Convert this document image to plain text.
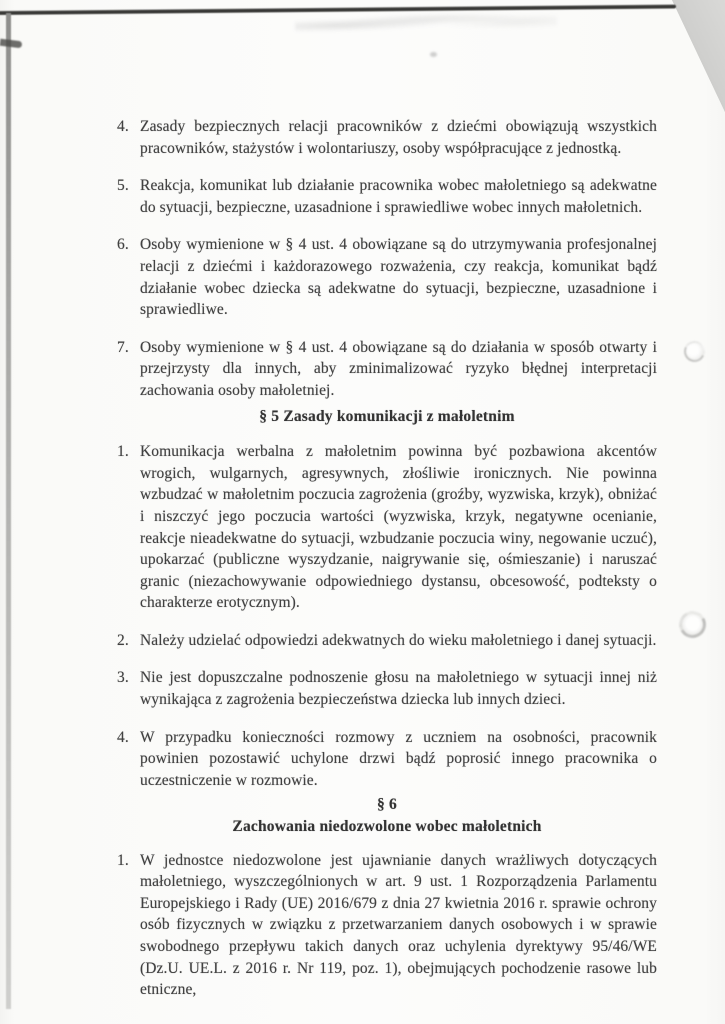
4. Zasady bezpiecznych relacji pracowników z dziećmi obowiązują wszystkich pracowników, stażystów i wolontariuszy, osoby współpracujące z jednostką.
5. Reakcja, komunikat lub działanie pracownika wobec małoletniego są adekwatne do sytuacji, bezpieczne, uzasadnione i sprawiedliwe wobec innych małoletnich.
6. Osoby wymienione w § 4 ust. 4 obowiązane są do utrzymywania profesjonalnej relacji z dziećmi i każdorazowego rozważenia, czy reakcja, komunikat bądź działanie wobec dziecka są adekwatne do sytuacji, bezpieczne, uzasadnione i sprawiedliwe.
7. Osoby wymienione w § 4 ust. 4 obowiązane są do działania w sposób otwarty i przejrzysty dla innych, aby zminimalizować ryzyko błędnej interpretacji zachowania osoby małoletniej.
§ 5 Zasady komunikacji z małoletnim
1. Komunikacja werbalna z małoletnim powinna być pozbawiona akcentów wrogich, wulgarnych, agresywnych, złośliwie ironicznych. Nie powinna wzbudzać w małoletnim poczucia zagrożenia (groźby, wyzwiska, krzyk), obniżać i niszczyć jego poczucia wartości (wyzwiska, krzyk, negatywne ocenianie, reakcje nieadekwatne do sytuacji, wzbudzanie poczucia winy, negowanie uczuć), upokarzać (publiczne wyszydzanie, naigrywanie się, ośmieszanie) i naruszać granic (niezachowywanie odpowiedniego dystansu, obcesowość, podteksty o charakterze erotycznym).
2. Należy udzielać odpowiedzi adekwatnych do wieku małoletniego i danej sytuacji.
3. Nie jest dopuszczalne podnoszenie głosu na małoletniego w sytuacji innej niż wynikająca z zagrożenia bezpieczeństwa dziecka lub innych dzieci.
4. W przypadku konieczności rozmowy z uczniem na osobności, pracownik powinien pozostawić uchylone drzwi bądź poprosić innego pracownika o uczestniczenie w rozmowie.
§ 6
Zachowania niedozwolone wobec małoletnich
1. W jednostce niedozwolone jest ujawnianie danych wrażliwych dotyczących małoletniego, wyszczególnionych w art. 9 ust. 1 Rozporządzenia Parlamentu Europejskiego i Rady (UE) 2016/679 z dnia 27 kwietnia 2016 r. sprawie ochrony osób fizycznych w związku z przetwarzaniem danych osobowych i w sprawie swobodnego przepływu takich danych oraz uchylenia dyrektywy 95/46/WE (Dz.U. UE.L. z 2016 r. Nr 119, poz. 1), obejmujących pochodzenie rasowe lub etniczne,
